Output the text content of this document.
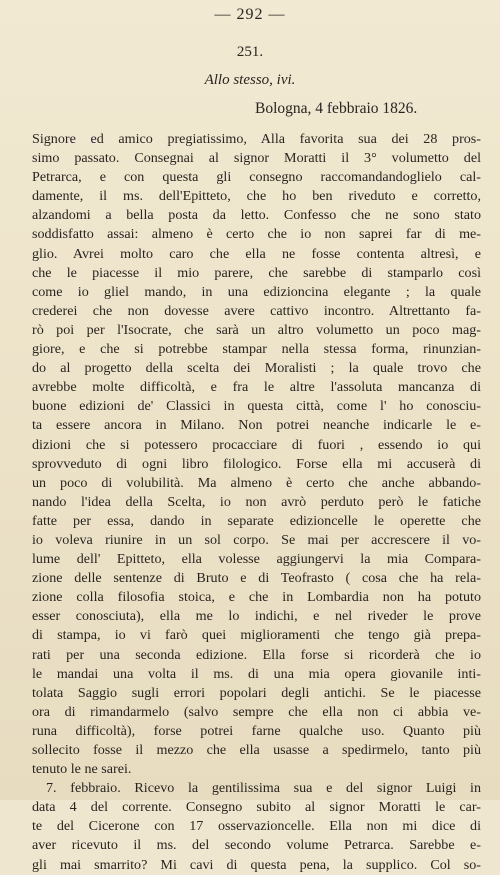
— 292 —
251.
Allo stesso, ivi.
Bologna, 4 febbraio 1826.
Signore ed amico pregiatissimo, Alla favorita sua dei 28 pros-
simo passato. Consegnai al signor Moratti il 3° volumetto del
Petrarca, e con questa gli consegno raccomandandoglielo cal-
damente, il ms. dell'Epitteto, che ho ben riveduto e corretto,
alzandomi a bella posta da letto. Confesso che ne sono stato
soddisfatto assai: almeno è certo che io non saprei far di me-
glio. Avrei molto caro che ella ne fosse contenta altresì, e
che le piacesse il mio parere, che sarebbe di stamparlo così
come io gliel mando, in una edizioncina elegante ; la quale
crederei che non dovesse avere cattivo incontro. Altrettanto fa-
rò poi per l'Isocrate, che sarà un altro volumetto un poco mag-
giore, e che si potrebbe stampar nella stessa forma, rinunzian-
do al progetto della scelta dei Moralisti ; la quale trovo che
avrebbe molte difficoltà, e fra le altre l'assoluta mancanza di
buone edizioni de' Classici in questa città, come l' ho conosciu-
ta essere ancora in Milano. Non potrei neanche indicarle le e-
dizioni che si potessero procacciare di fuori , essendo io qui
sprovveduto di ogni libro filologico. Forse ella mi accuserà di
un poco di volubilità. Ma almeno è certo che anche abbando-
nando l'idea della Scelta, io non avrò perduto però le fatiche
fatte per essa, dando in separate edizioncelle le operette che
io voleva riunire in un sol corpo. Se mai per accrescere il vo-
lume dell' Epitteto, ella volesse aggiungervi la mia Compara-
zione delle sentenze di Bruto e di Teofrasto ( cosa che ha rela-
zione colla filosofia stoica, e che in Lombardia non ha potuto
esser conosciuta), ella me lo indichi, e nel riveder le prove
di stampa, io vi farò quei miglioramenti che tengo già prepa-
rati per una seconda edizione. Ella forse si ricorderà che io
le mandai una volta il ms. di una mia opera giovanile inti-
tolata Saggio sugli errori popolari degli antichi. Se le piacesse
ora di rimandarmelo (salvo sempre che ella non ci abbia ve-
runa difficoltà), forse potrei farne qualche uso. Quanto più
sollecito fosse il mezzo che ella usasse a spedirmelo, tanto più
tenuto le ne sarei.
7. febbraio. Ricevo la gentilissima sua e del signor Luigi in
data 4 del corrente. Consegno subito al signor Moratti le car-
te del Cicerone con 17 osservazioncelle. Ella non mi dice di
aver ricevuto il ms. del secondo volume Petrarca. Sarebbe e-
gli mai smarrito? Mi cavi di questa pena, la supplico. Col so-
